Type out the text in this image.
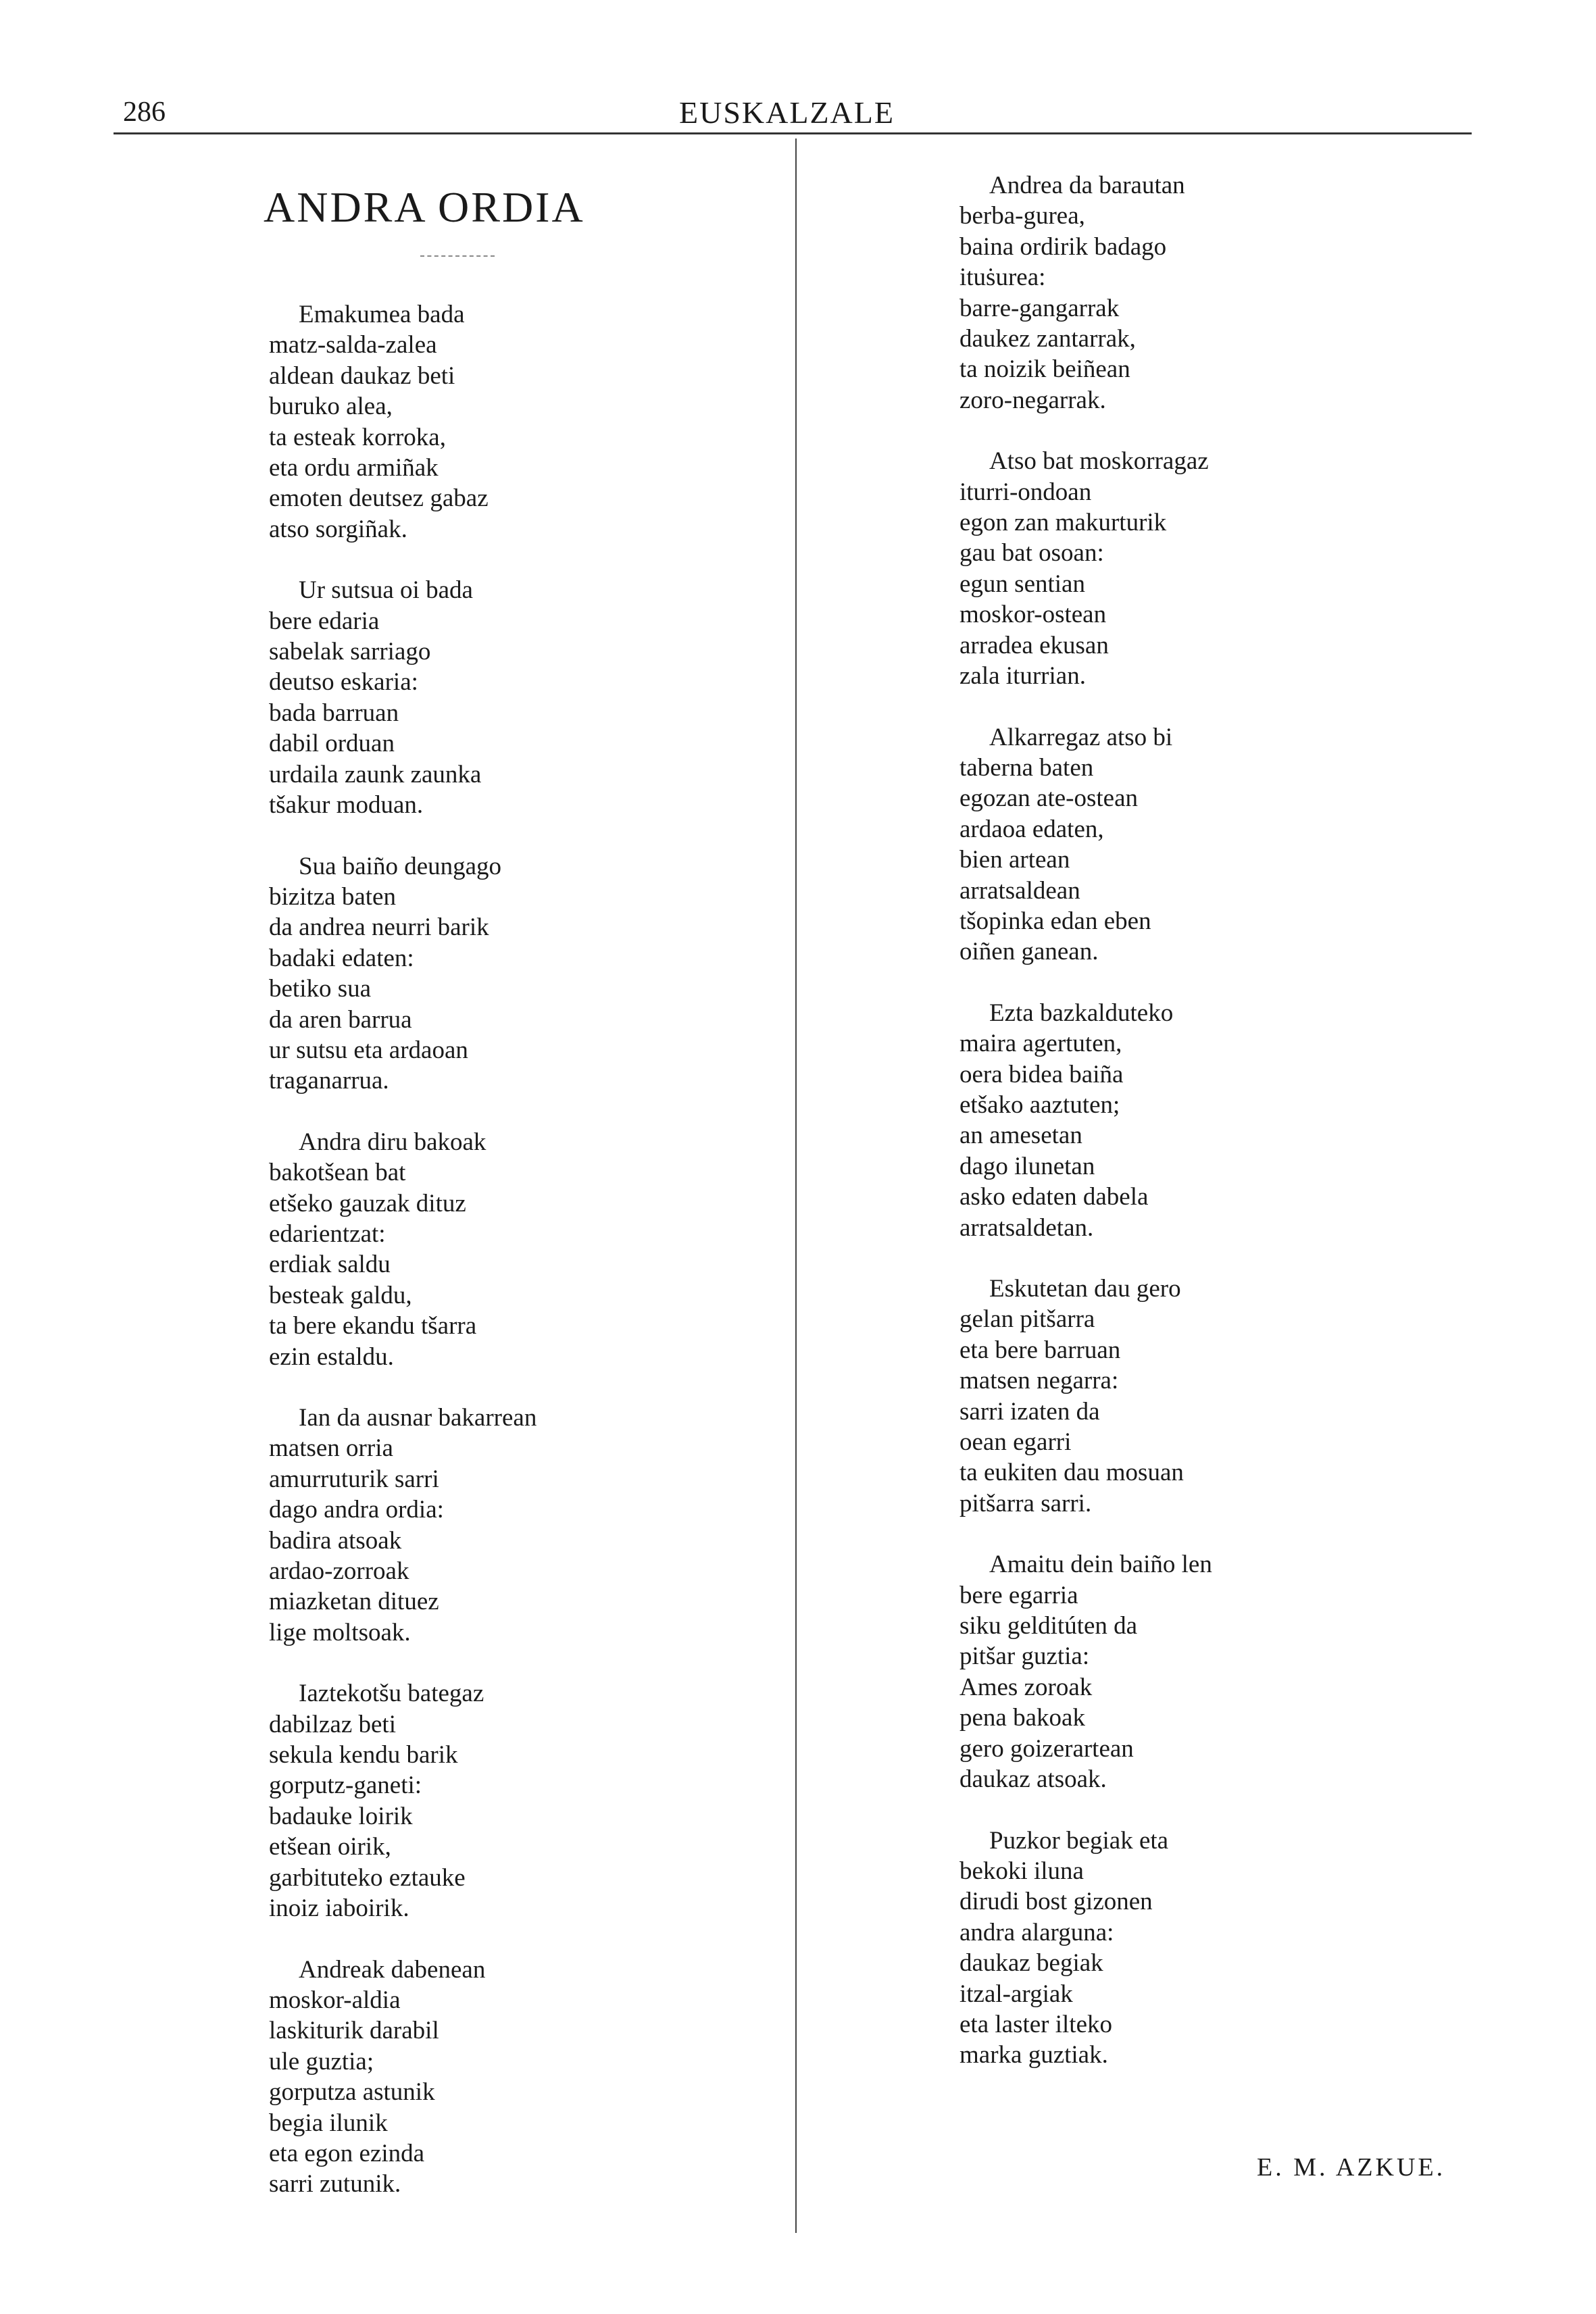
286	EUSKALZALE
ANDRA ORDIA

Emakumea bada

matz-salda-zalea

aldean daukaz beti

buruko alea,

ta esteak korroka,

eta ordu armiñak

emoten deutsez gabaz

atso sorgiñak.

Ur sutsua oi bada

bere edaria

sabelak sarriago

deutso eskaria:

bada barruan

dabil orduan

urdaila zaunk zaunka

tšakur moduan.

Sua baiño deungago

bizitza baten

da andrea neurri barik

badaki edaten:

betiko sua

da aren barrua

ur sutsu eta ardaoan

traganarrua.

Andra diru bakoak

bakotšean bat

etšeko gauzak dituz

edarientzat:

erdiak saldu

besteak galdu,

ta bere ekandu tšarra

ezin estaldu.

Ian da ausnar bakarrean

matsen orria

amurruturik sarri

dago andra ordia:

badira atsoak

ardao-zorroak

miazketan dituez

lige moltsoak.

Iaztekotšu bategaz

dabilzaz beti

sekula kendu barik

gorputz-ganeti:

badauke loirik

etšean oirik,

garbituteko eztauke

inoiz iaboirik.

Andreak dabenean

moskor-aldia

laskiturik darabil

ule guztia;

gorputza astunik

begia ilunik

eta egon ezinda

sarri zutunik.

Andrea da barautan

berba-gurea,

baina ordirik badago

ituṡurea:

barre-gangarrak

daukez zantarrak,

ta noizik beiñean

zoro-negarrak.

Atso bat moskorragaz

iturri-ondoan

egon zan makurturik

gau bat osoan:

egun sentian

moskor-ostean

arradea ekusan

zala iturrian.

Alkarregaz atso bi

taberna baten

egozan ate-ostean

ardaoa edaten,

bien artean

arratsaldean

tšopinka edan eben

oiñen ganean.

Ezta bazkalduteko

maira agertuten,

oera bidea baiña

etšako aaztuten;

an amesetan

dago ilunetan

asko edaten dabela

arratsaldetan.

Eskutetan dau gero

gelan pitšarra

eta bere barruan

matsen negarra:

sarri izaten da

oean egarri

ta eukiten dau mosuan

pitšarra sarri.

Amaitu dein baiño len

bere egarria

siku gelditúten da

pitšar guztia:

Ames zoroak

pena bakoak

gero goizerartean

daukaz atsoak.

Puzkor begiak eta

bekoki iluna

dirudi bost gizonen

andra alarguna:

daukaz begiak

itzal-argiak

eta laster ilteko

marka guztiak.

E. M. AZKUE.
